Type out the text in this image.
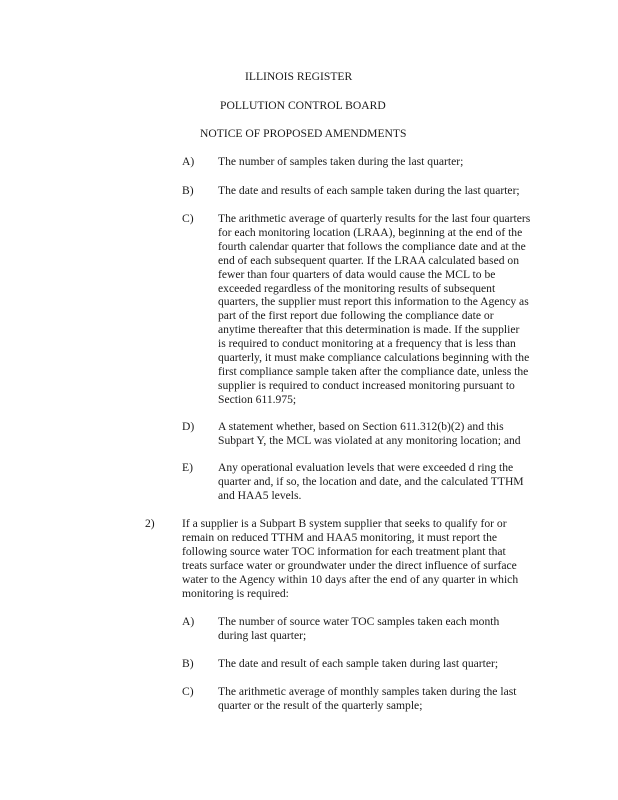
ILLINOIS REGISTER
POLLUTION CONTROL BOARD
NOTICE OF PROPOSED AMENDMENTS
A) The number of samples taken during the last quarter;
B) The date and results of each sample taken during the last quarter;
C) The arithmetic average of quarterly results for the last four quarters
for each monitoring location (LRAA), beginning at the end of the
fourth calendar quarter that follows the compliance date and at the
end of each subsequent quarter. If the LRAA calculated based on
fewer than four quarters of data would cause the MCL to be
exceeded regardless of the monitoring results of subsequent
quarters, the supplier must report this information to the Agency as
part of the first report due following the compliance date or
anytime thereafter that this determination is made. If the supplier
is required to conduct monitoring at a frequency that is less than
quarterly, it must make compliance calculations beginning with the
first compliance sample taken after the compliance date, unless the
supplier is required to conduct increased monitoring pursuant to
Section 611.975;
D) A statement whether, based on Section 611.312(b)(2) and this
Subpart Y, the MCL was violated at any monitoring location; and
E) Any operational evaluation levels that were exceeded d ring the
quarter and, if so, the location and date, and the calculated TTHM
and HAA5 levels.
2) If a supplier is a Subpart B system supplier that seeks to qualify for or
remain on reduced TTHM and HAA5 monitoring, it must report the
following source water TOC information for each treatment plant that
treats surface water or groundwater under the direct influence of surface
water to the Agency within 10 days after the end of any quarter in which
monitoring is required:
A) The number of source water TOC samples taken each month
during last quarter;
B) The date and result of each sample taken during last quarter;
C) The arithmetic average of monthly samples taken during the last
quarter or the result of the quarterly sample;
